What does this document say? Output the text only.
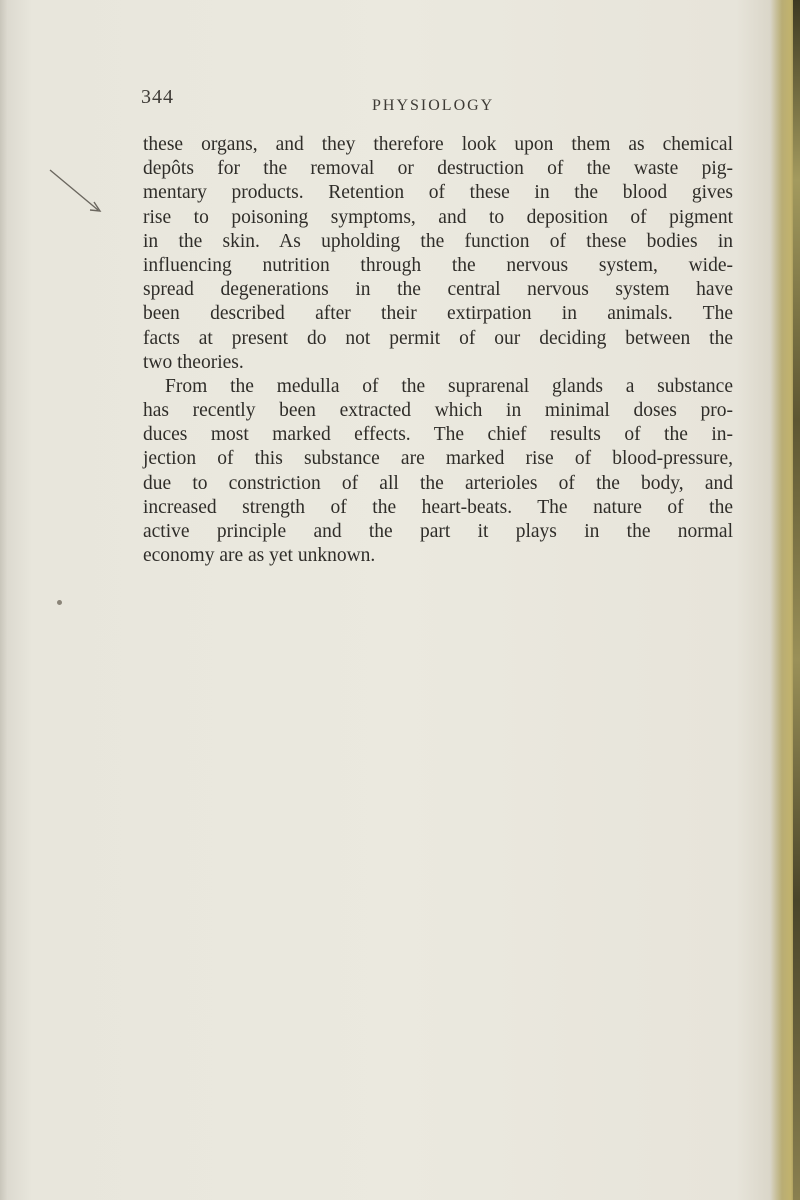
344	PHYSIOLOGY
these organs, and they therefore look upon them as chemical
depôts for the removal or destruction of the waste pig-
mentary products. Retention of these in the blood gives
rise to poisoning symptoms, and to deposition of pigment
in the skin. As upholding the function of these bodies in
influencing nutrition through the nervous system, wide-
spread degenerations in the central nervous system have
been described after their extirpation in animals. The
facts at present do not permit of our deciding between the
two theories.
From the medulla of the suprarenal glands a substance
has recently been extracted which in minimal doses pro-
duces most marked effects. The chief results of the in-
jection of this substance are marked rise of blood-pressure,
due to constriction of all the arterioles of the body, and
increased strength of the heart-beats. The nature of the
active principle and the part it plays in the normal
economy are as yet unknown.
